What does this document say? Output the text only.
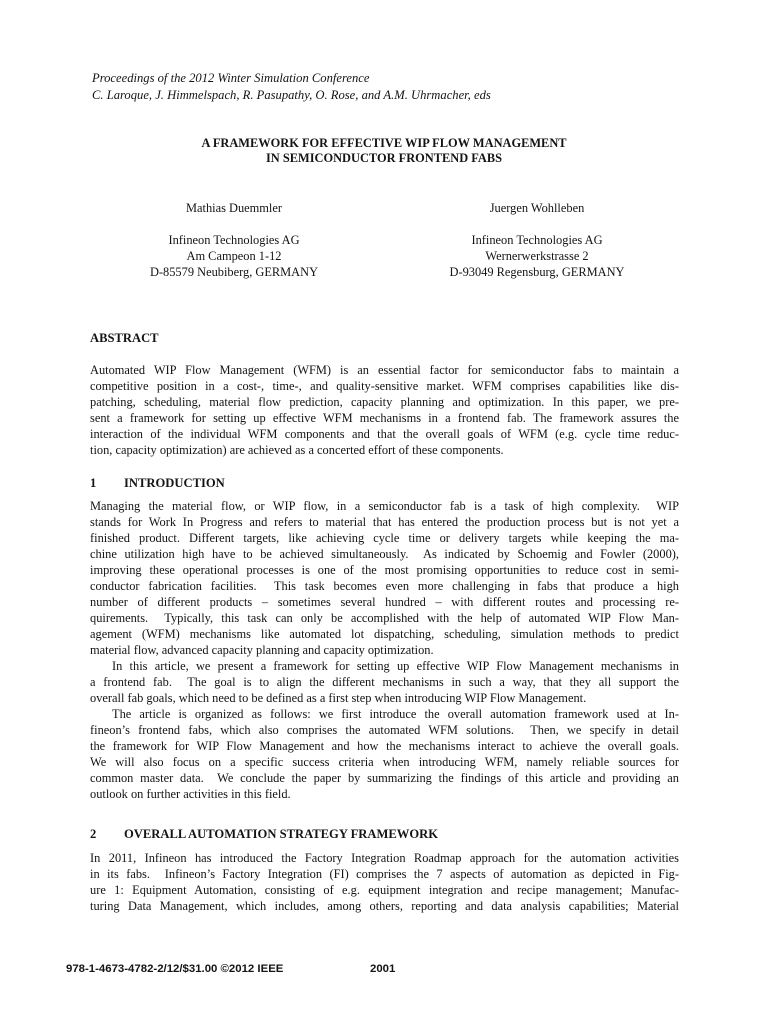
Proceedings of the 2012 Winter Simulation Conference
C. Laroque, J. Himmelspach, R. Pasupathy, O. Rose, and A.M. Uhrmacher, eds
A FRAMEWORK FOR EFFECTIVE WIP FLOW MANAGEMENT
IN SEMICONDUCTOR FRONTEND FABS
Mathias Duemmler
Infineon Technologies AG
Am Campeon 1-12
D-85579 Neubiberg, GERMANY
Juergen Wohlleben
Infineon Technologies AG
Wernerwerkstrasse 2
D-93049 Regensburg, GERMANY
ABSTRACT
Automated WIP Flow Management (WFM) is an essential factor for semiconductor fabs to maintain a
competitive position in a cost-, time-, and quality-sensitive market. WFM comprises capabilities like dis-
patching, scheduling, material flow prediction, capacity planning and optimization. In this paper, we pre-
sent a framework for setting up effective WFM mechanisms in a frontend fab. The framework assures the
interaction of the individual WFM components and that the overall goals of WFM (e.g. cycle time reduc-
tion, capacity optimization) are achieved as a concerted effort of these components.
1 INTRODUCTION
Managing the material flow, or WIP flow, in a semiconductor fab is a task of high complexity.  WIP
stands for Work In Progress and refers to material that has entered the production process but is not yet a
finished product. Different targets, like achieving cycle time or delivery targets while keeping the ma-
chine utilization high have to be achieved simultaneously.  As indicated by Schoemig and Fowler (2000),
improving these operational processes is one of the most promising opportunities to reduce cost in semi-
conductor fabrication facilities.  This task becomes even more challenging in fabs that produce a high
number of different products – sometimes several hundred – with different routes and processing re-
quirements.  Typically, this task can only be accomplished with the help of automated WIP Flow Man-
agement (WFM) mechanisms like automated lot dispatching, scheduling, simulation methods to predict
material flow, advanced capacity planning and capacity optimization.
In this article, we present a framework for setting up effective WIP Flow Management mechanisms in
a frontend fab.  The goal is to align the different mechanisms in such a way, that they all support the
overall fab goals, which need to be defined as a first step when introducing WIP Flow Management.
The article is organized as follows: we first introduce the overall automation framework used at In-
fineon’s frontend fabs, which also comprises the automated WFM solutions.  Then, we specify in detail
the framework for WIP Flow Management and how the mechanisms interact to achieve the overall goals.
We will also focus on a specific success criteria when introducing WFM, namely reliable sources for
common master data.  We conclude the paper by summarizing the findings of this article and providing an
outlook on further activities in this field.
2 OVERALL AUTOMATION STRATEGY FRAMEWORK
In 2011, Infineon has introduced the Factory Integration Roadmap approach for the automation activities
in its fabs.  Infineon’s Factory Integration (FI) comprises the 7 aspects of automation as depicted in Fig-
ure 1: Equipment Automation, consisting of e.g. equipment integration and recipe management; Manufac-
turing Data Management, which includes, among others, reporting and data analysis capabilities; Material
978-1-4673-4782-2/12/$31.00 ©2012 IEEE	2001
